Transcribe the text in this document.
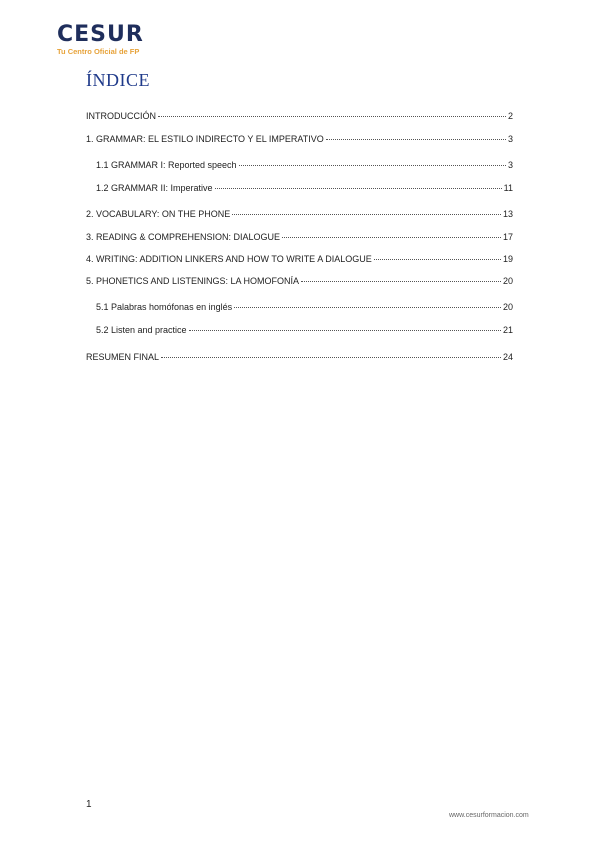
CESUR
Tu Centro Oficial de FP
ÍNDICE
INTRODUCCIÓN	2
1. GRAMMAR: EL ESTILO INDIRECTO Y EL IMPERATIVO	3
1.1 GRAMMAR I: Reported speech	3
1.2 GRAMMAR II: Imperative	11
2. VOCABULARY: ON THE PHONE	13
3. READING & COMPREHENSION: DIALOGUE	17
4. WRITING: ADDITION LINKERS AND HOW TO WRITE A DIALOGUE	19
5. PHONETICS AND LISTENINGS: LA HOMOFONÍA	20
5.1 Palabras homófonas en inglés	20
5.2 Listen and practice	21
RESUMEN FINAL	24
1
www.cesurformacion.com
